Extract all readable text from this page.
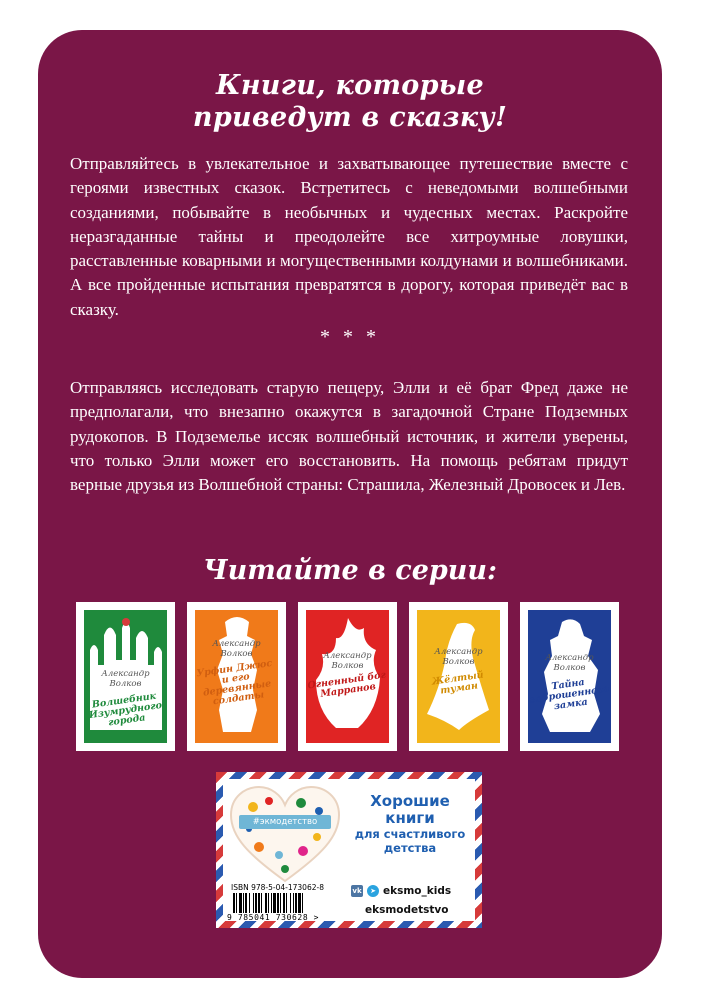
Книги, которые
приведут в сказку!
Отправляйтесь в увлекательное и захватывающее путешествие вместе с героями известных сказок. Встретитесь с неведомыми волшебными созданиями, побывайте в необычных и чудесных местах. Раскройте неразгаданные тайны и преодолейте все хитроумные ловушки, расставленные коварными и могущественными колдунами и волшебниками. А все пройденные испытания превратятся в дорогу, которая приведёт вас в сказку.
* * *
Отправляясь исследовать старую пещеру, Элли и её брат Фред даже не предполагали, что внезапно окажутся в загадочной Стране Подземных рудокопов. В Подземелье иссяк волшебный источник, и жители уверены, что только Элли может его восстановить. На помощь ребятам придут верные друзья из Волшебной страны: Страшила, Железный Дровосек и Лев.
Читайте в серии:
Александр
Волков
Волшебник Изумрудного города
Александр
Волков
Урфин Джюс и его деревянные солдаты
Александр
Волков
Огненный бог Марранов
Александр
Волков
Жёлтый туман
Александр
Волков
Тайна заброшенного замка
#экмодетство
Хорошие
книги
для счастливого
детства
ISBN 978-5-04-173062-8
9 785041 730628 >
vk	➤ eksmo_kids
eksmodetstvo
